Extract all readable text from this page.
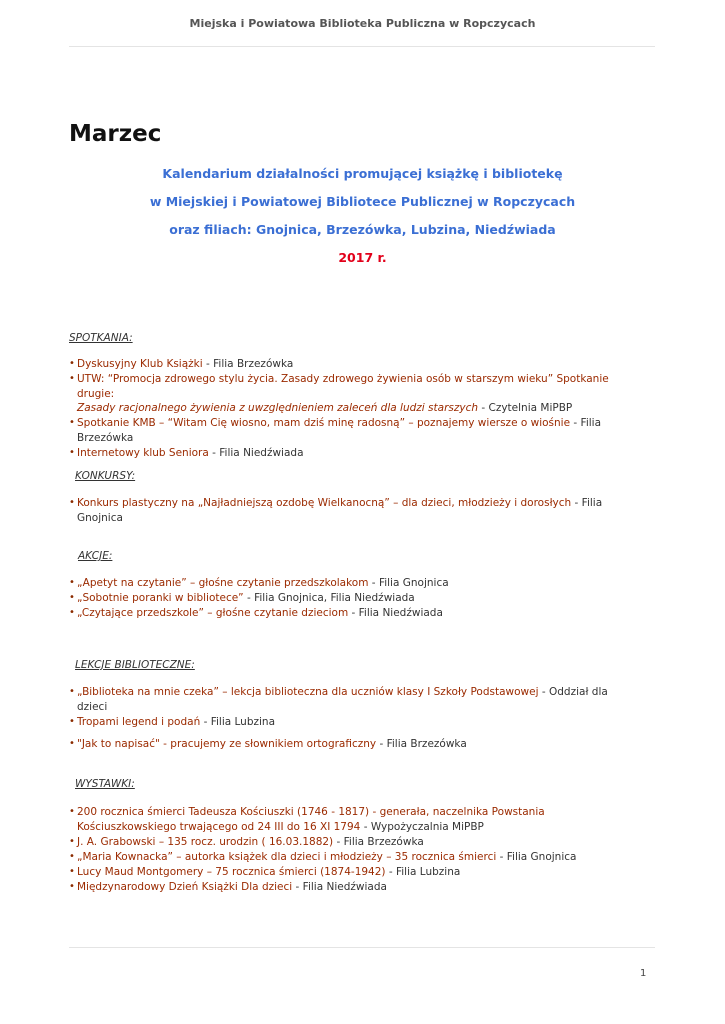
Miejska i Powiatowa Biblioteka Publiczna w Ropczycach
Marzec
Kalendarium działalności promującej książkę i bibliotekę
w Miejskiej i Powiatowej Bibliotece Publicznej w Ropczycach
oraz filiach: Gnojnica, Brzezówka, Lubzina, Niedźwiada
2017 r.
SPOTKANIA:
• Dyskusyjny Klub Książki - Filia Brzezówka
• UTW: “Promocja zdrowego stylu życia. Zasady zdrowego żywienia osób w starszym wieku” Spotkanie drugie:
Zasady racjonalnego żywienia z uwzględnieniem zaleceń dla ludzi starszych - Czytelnia MiPBP
• Spotkanie KMB – “Witam Cię wiosno, mam dziś minę radosną” – poznajemy wiersze o wiośnie - Filia Brzezówka
• Internetowy klub Seniora - Filia Niedźwiada
KONKURSY:
• Konkurs plastyczny na „Najładniejszą ozdobę Wielkanocną” – dla dzieci, młodzieży i dorosłych - Filia Gnojnica
AKCJE:
• „Apetyt na czytanie” – głośne czytanie przedszkolakom - Filia Gnojnica
• „Sobotnie poranki w bibliotece” - Filia Gnojnica, Filia Niedźwiada
• „Czytające przedszkole” – głośne czytanie dzieciom - Filia Niedźwiada
LEKCJE BIBLIOTECZNE:
• „Biblioteka na mnie czeka” – lekcja biblioteczna dla uczniów klasy I Szkoły Podstawowej - Oddział dla dzieci
• Tropami legend i podań - Filia Lubzina
• "Jak to napisać" - pracujemy ze słownikiem ortograficzny - Filia Brzezówka
WYSTAWKI:
• 200 rocznica śmierci Tadeusza Kościuszki (1746 - 1817) - generała, naczelnika Powstania Kościuszkowskiego trwającego od 24 III do 16 XI 1794 - Wypożyczalnia MiPBP
• J. A. Grabowski – 135 rocz. urodzin ( 16.03.1882) - Filia Brzezówka
• „Maria Kownacka” – autorka książek dla dzieci i młodzieży – 35 rocznica śmierci - Filia Gnojnica
• Lucy Maud Montgomery – 75 rocznica śmierci (1874-1942) - Filia Lubzina
• Międzynarodowy Dzień Książki Dla dzieci - Filia Niedźwiada
1
